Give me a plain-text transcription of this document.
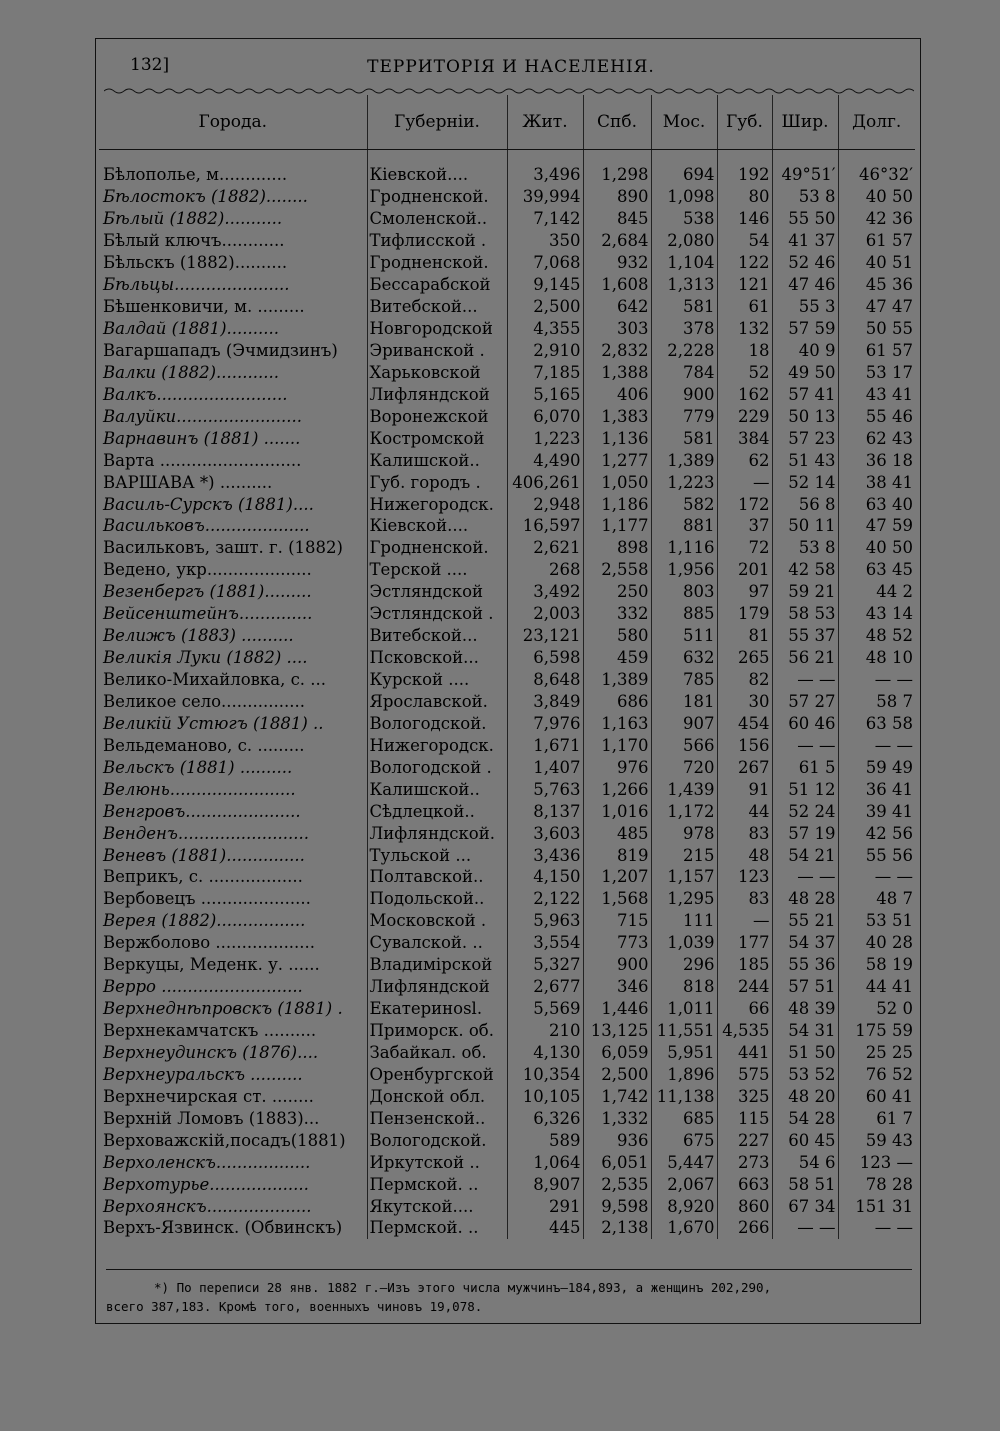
132]	ТЕРРИТОРІЯ И НАСЕЛЕНІЯ.
Города.	Губерніи.	Жит.	Спб.	Мос.	Губ.	Шир.	Долг.
Бѣлополье, м.............	Кіевской....	3,496	1,298	694	192	49°51′	46°32′
Бѣлостокъ (1882)........	Гродненской.	39,994	890	1,098	80	53 8	40 50
Бѣлый (1882)...........	Смоленской..	7,142	845	538	146	55 50	42 36
Бѣлый ключъ............	Тифлисской .	350	2,684	2,080	54	41 37	61 57
Бѣльскъ (1882)..........	Гродненской.	7,068	932	1,104	122	52 46	40 51
Бѣльцы......................	Бессарабской	9,145	1,608	1,313	121	47 46	45 36
Бѣшенковичи, м. .........	Витебской...	2,500	642	581	61	55 3	47 47
Валдай (1881)..........	Новгородской	4,355	303	378	132	57 59	50 55
Вагаршападъ (Эчмидзинъ)	Эриванской .	2,910	2,832	2,228	18	40 9	61 57
Валки (1882)............	Харьковской	7,185	1,388	784	52	49 50	53 17
Валкъ.........................	Лифляндской	5,165	406	900	162	57 41	43 41
Валуйки........................	Воронежской	6,070	1,383	779	229	50 13	55 46
Варнавинъ (1881) .......	Костромской	1,223	1,136	581	384	57 23	62 43
Варта ...........................	Калишской..	4,490	1,277	1,389	62	51 43	36 18
ВАРШАВА *) ..........	Губ. городъ .	406,261	1,050	1,223	—	52 14	38 41
Василь-Сурскъ (1881)....	Нижегородск.	2,948	1,186	582	172	56 8	63 40
Васильковъ....................	Кіевской....	16,597	1,177	881	37	50 11	47 59
Васильковъ, зашт. г. (1882)	Гродненской.	2,621	898	1,116	72	53 8	40 50
Ведено, укр....................	Терской ....	268	2,558	1,956	201	42 58	63 45
Везенбергъ (1881).........	Эстляндской	3,492	250	803	97	59 21	44 2
Вейсенштейнъ..............	Эстляндской .	2,003	332	885	179	58 53	43 14
Велижъ (1883) ..........	Витебской...	23,121	580	511	81	55 37	48 52
Великія Луки (1882) ....	Псковской...	6,598	459	632	265	56 21	48 10
Велико-Михайловка, с. ...	Курской ....	8,648	1,389	785	82	— —	— —
Великое село................	Ярославской.	3,849	686	181	30	57 27	58 7
Великій Устюгъ (1881) ..	Вологодской.	7,976	1,163	907	454	60 46	63 58
Вельдеманово, с. .........	Нижегородск.	1,671	1,170	566	156	— —	— —
Вельскъ (1881) ..........	Вологодской .	1,407	976	720	267	61 5	59 49
Велюнь........................	Калишской..	5,763	1,266	1,439	91	51 12	36 41
Венгровъ......................	Сѣдлецкой..	8,137	1,016	1,172	44	52 24	39 41
Венденъ.........................	Лифляндской.	3,603	485	978	83	57 19	42 56
Веневъ (1881)...............	Тульской ...	3,436	819	215	48	54 21	55 56
Веприкъ, с. ..................	Полтавской..	4,150	1,207	1,157	123	— —	— —
Вербовецъ .....................	Подольской..	2,122	1,568	1,295	83	48 28	48 7
Верея (1882).................	Московской .	5,963	715	111	—	55 21	53 51
Вержболово ...................	Сувалской. ..	3,554	773	1,039	177	54 37	40 28
Веркуцы, Меденк. у. ......	Владимірской	5,327	900	296	185	55 36	58 19
Верро ...........................	Лифляндской	2,677	346	818	244	57 51	44 41
Верхнеднѣпровскъ (1881) .	Екатеринosl.	5,569	1,446	1,011	66	48 39	52 0
Верхнекамчатскъ ..........	Приморск. об.	210	13,125	11,551	4,535	54 31	175 59
Верхнеудинскъ (1876)....	Забайкал. об.	4,130	6,059	5,951	441	51 50	25 25
Верхнеуральскъ ..........	Оренбургской	10,354	2,500	1,896	575	53 52	76 52
Верхнечирская ст. ........	Донской обл.	10,105	1,742	11,138	325	48 20	60 41
Верхній Ломовъ (1883)...	Пензенской..	6,326	1,332	685	115	54 28	61 7
Верховажскій,посадъ(1881)	Вологодской.	589	936	675	227	60 45	59 43
Верхоленскъ..................	Иркутской ..	1,064	6,051	5,447	273	54 6	123 —
Верхотурье...................	Пермской. ..	8,907	2,535	2,067	663	58 51	78 28
Верхоянскъ....................	Якутской....	291	9,598	8,920	860	67 34	151 31
Верхъ-Язвинск. (Обвинскъ)	Пермской. ..	445	2,138	1,670	266	— —	— —
*) По переписи 28 янв. 1882 г.—Изъ этого числа мужчинъ—184,893, а женщинъ 202,290,
всего 387,183. Кромѣ того, военныхъ чиновъ 19,078.
